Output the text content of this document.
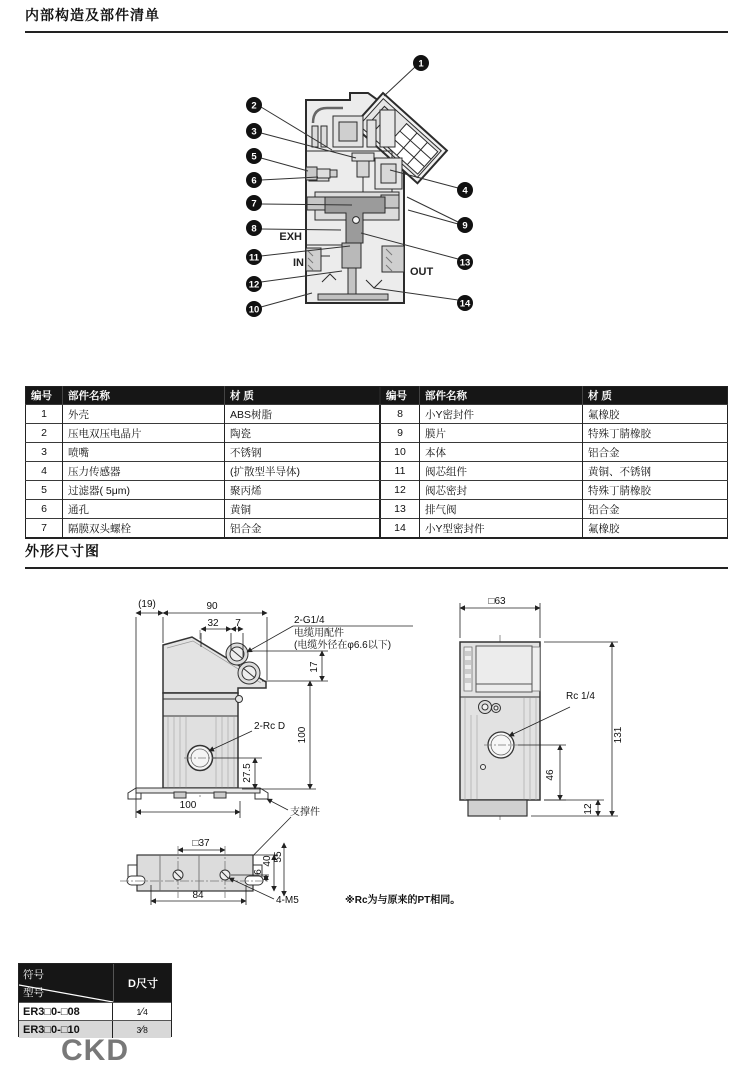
内部构造及部件清单
EXH
IN
OUT
1
2
3
5
6
7
8
11
12
10
4
9
13
14
编号	部件名称	材 质
1	外壳	ABS树脂
2	压电双压电晶片	陶瓷
3	喷嘴	不锈钢
4	压力传感器	(扩散型半导体)
5	过滤器( 5μm)	聚丙烯
6	通孔	黄铜
7	隔膜双头螺栓	铝合金
编号	部件名称	材 质
8	小Y密封件	氟橡胶
9	膜片	特殊丁腈橡胶
10	本体	铝合金
11	阀芯组件	黄铜、不锈钢
12	阀芯密封	特殊丁腈橡胶
13	排气阀	铝合金
14	小Y型密封件	氟橡胶
外形尺寸图
(19)	90
32 7	2-G1/4
电缆用配件
(电缆外径在φ6.6以下)
17
2-Rc D
100
27.5
100
支撑件
□37
84	4-M5
6
40 55
※Rc为与原来的PT相同。
□63
Rc 1/4
131
46
12
符号
型号
D尺寸
ER3□0-□08	1 ⁄ 4
ER3□0-□10	3 ⁄ 8
CKD
